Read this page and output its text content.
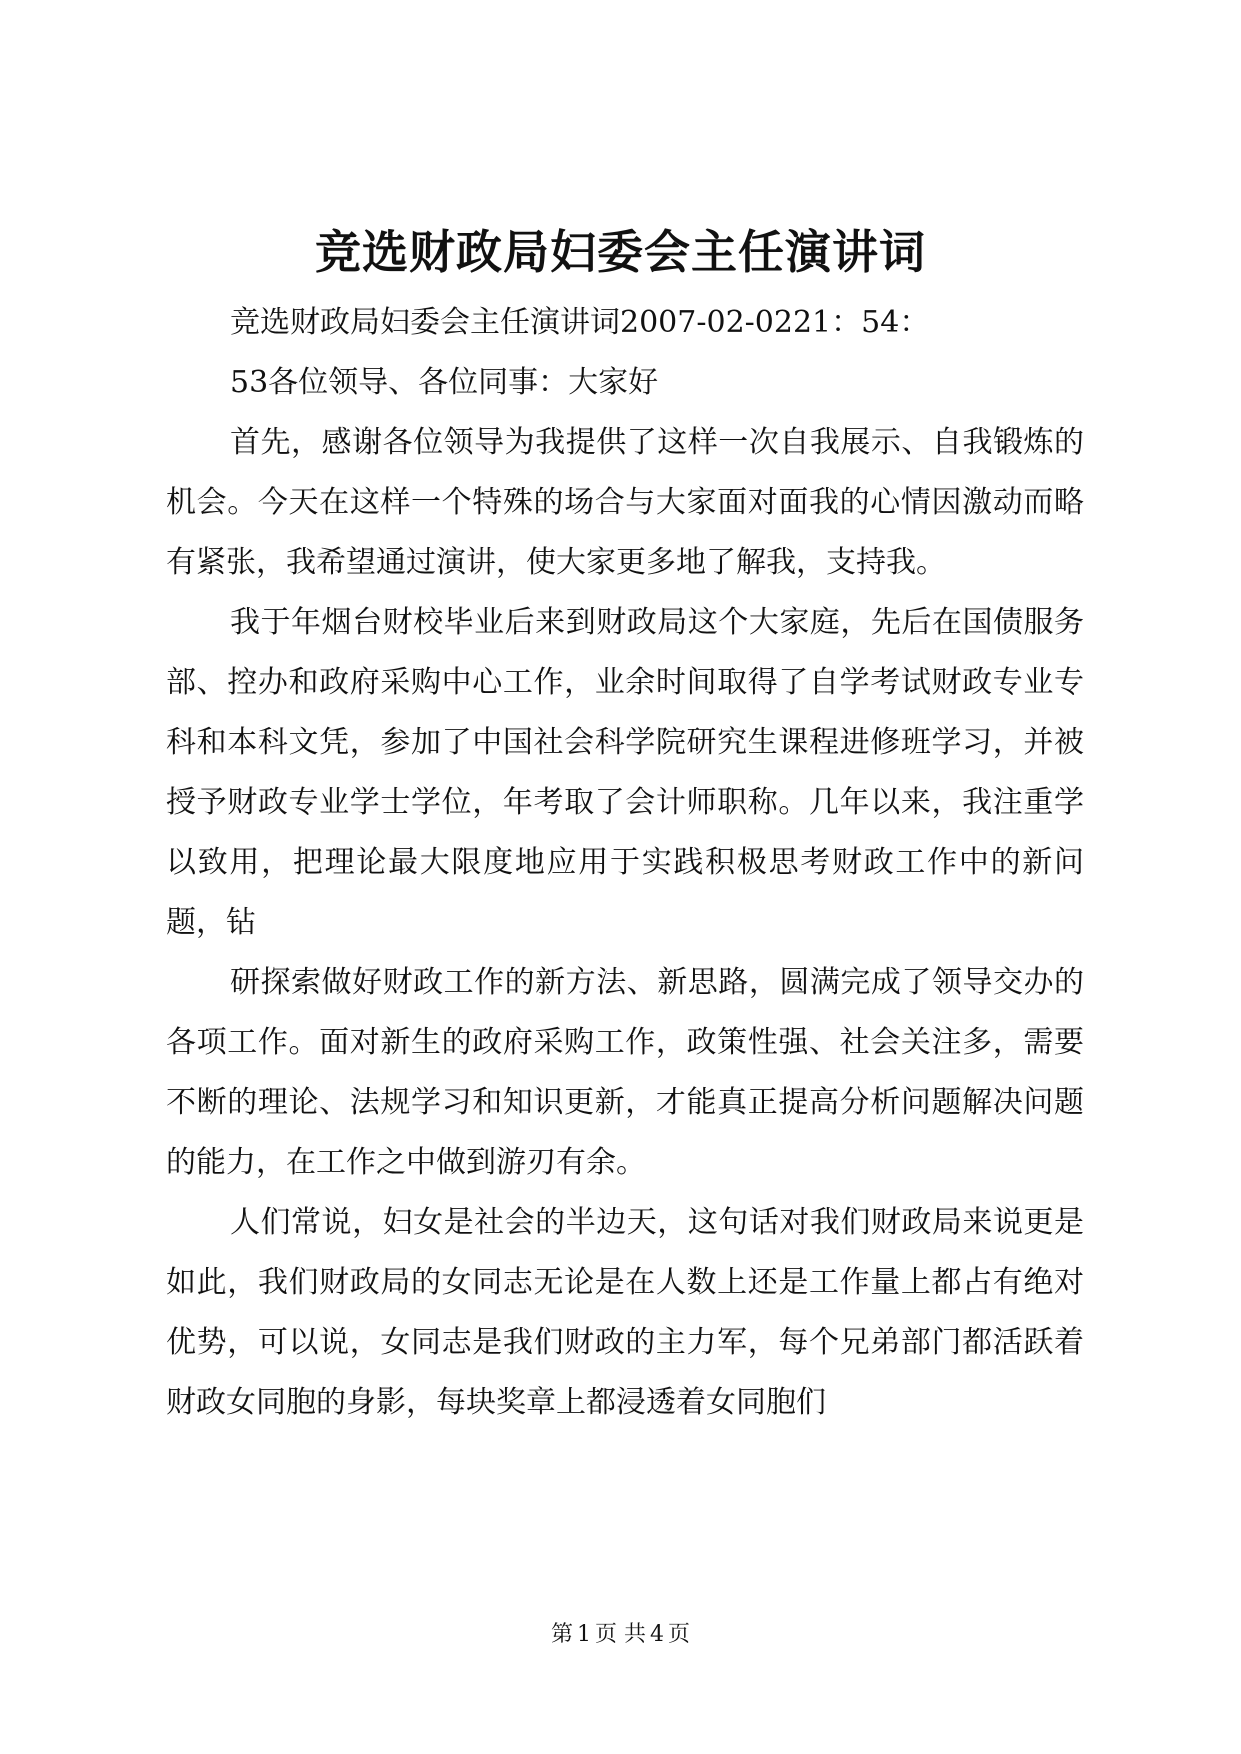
竞选财政局妇委会主任演讲词

竞选财政局妇委会主任演讲词2007-02-0221：54：

53各位领导、各位同事：大家好

首先，感谢各位领导为我提供了这样一次自我展示、自我锻炼的机会。今天在这样一个特殊的场合与大家面对面我的心情因激动而略有紧张，我希望通过演讲，使大家更多地了解我，支持我。

我于年烟台财校毕业后来到财政局这个大家庭，先后在国债服务部、控办和政府采购中心工作，业余时间取得了自学考试财政专业专科和本科文凭，参加了中国社会科学院研究生课程进修班学习，并被授予财政专业学士学位，年考取了会计师职称。几年以来，我注重学以致用，把理论最大限度地应用于实践积极思考财政工作中的新问题，钻

研探索做好财政工作的新方法、新思路，圆满完成了领导交办的各项工作。面对新生的政府采购工作，政策性强、社会关注多，需要不断的理论、法规学习和知识更新，才能真正提高分析问题解决问题的能力，在工作之中做到游刃有余。

人们常说，妇女是社会的半边天，这句话对我们财政局来说更是如此，我们财政局的女同志无论是在人数上还是工作量上都占有绝对优势，可以说，女同志是我们财政的主力军，每个兄弟部门都活跃着财政女同胞的身影，每块奖章上都浸透着女同胞们

第 1 页 共 4 页
